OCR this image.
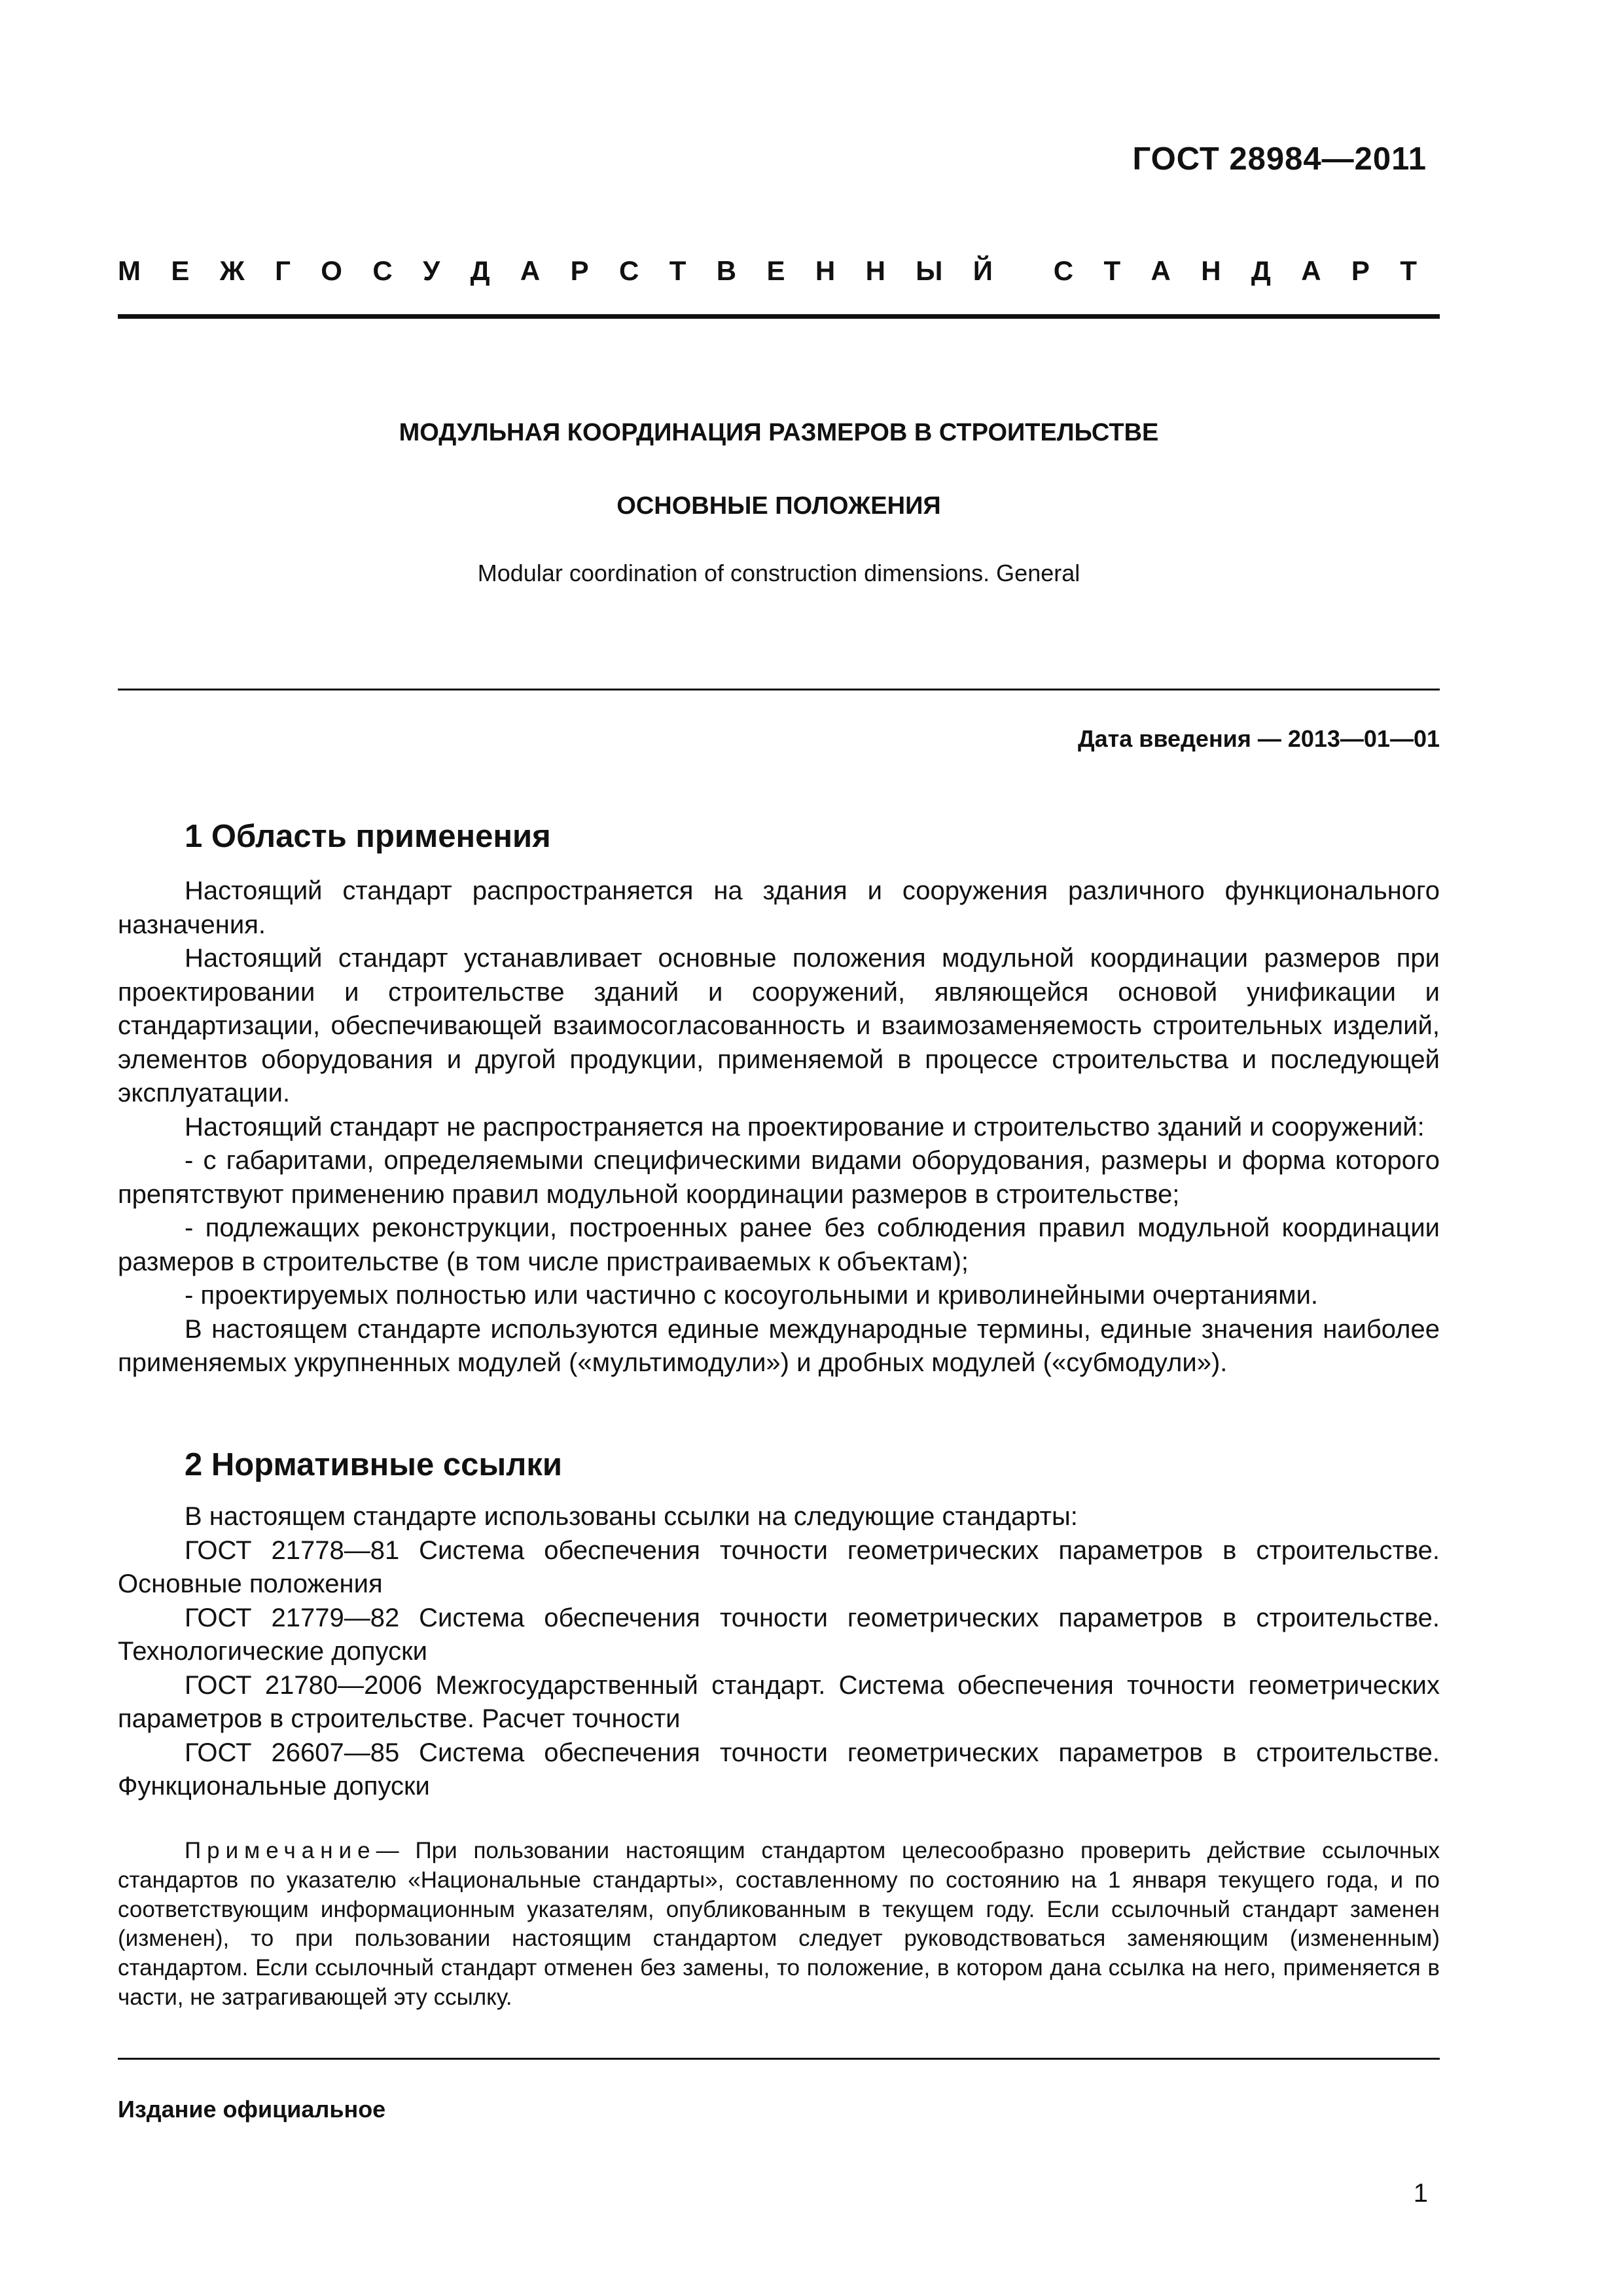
ГОСТ 28984—2011
М Е Ж Г О С У Д А Р С Т В Е Н Н Ы Й С Т А Н Д А Р Т
МОДУЛЬНАЯ КООРДИНАЦИЯ РАЗМЕРОВ В СТРОИТЕЛЬСТВЕ
ОСНОВНЫЕ ПОЛОЖЕНИЯ
Modular coordination of construction dimensions. General
Дата введения — 2013—01—01
1 Область применения

Настоящий стандарт распространяется на здания и сооружения различного функционального назначения.

Настоящий стандарт устанавливает основные положения модульной координации размеров при проектировании и строительстве зданий и сооружений, являющейся основой унификации и стандартизации, обеспечивающей взаимосогласованность и взаимозаменяемость строительных изделий, элементов оборудования и другой продукции, применяемой в процессе строительства и последующей эксплуатации.

Настоящий стандарт не распространяется на проектирование и строительство зданий и сооружений:

- с габаритами, определяемыми специфическими видами оборудования, размеры и форма которого препятствуют применению правил модульной координации размеров в строительстве;

- подлежащих реконструкции, построенных ранее без соблюдения правил модульной координации размеров в строительстве (в том числе пристраиваемых к объектам);

- проектируемых полностью или частично с косоугольными и криволинейными очертаниями.

В настоящем стандарте используются единые международные термины, единые значения наиболее применяемых укрупненных модулей («мультимодули») и дробных модулей («субмодули»).

2 Нормативные ссылки

В настоящем стандарте использованы ссылки на следующие стандарты:

ГОСТ 21778—81 Система обеспечения точности геометрических параметров в строительстве. Основные положения

ГОСТ 21779—82 Система обеспечения точности геометрических параметров в строительстве. Технологические допуски

ГОСТ 21780—2006 Межгосударственный стандарт. Система обеспечения точности геометрических параметров в строительстве. Расчет точности

ГОСТ 26607—85 Система обеспечения точности геометрических параметров в строительстве. Функциональные допуски

Примечание— При пользовании настоящим стандартом целесообразно проверить действие ссылочных стандартов по указателю «Национальные стандарты», составленному по состоянию на 1 января текущего года, и по соответствующим информационным указателям, опубликованным в текущем году. Если ссылочный стандарт заменен (изменен), то при пользовании настоящим стандартом следует руководствоваться заменяющим (измененным) стандартом. Если ссылочный стандарт отменен без замены, то положение, в котором дана ссылка на него, применяется в части, не затрагивающей эту ссылку.
Издание официальное
1
